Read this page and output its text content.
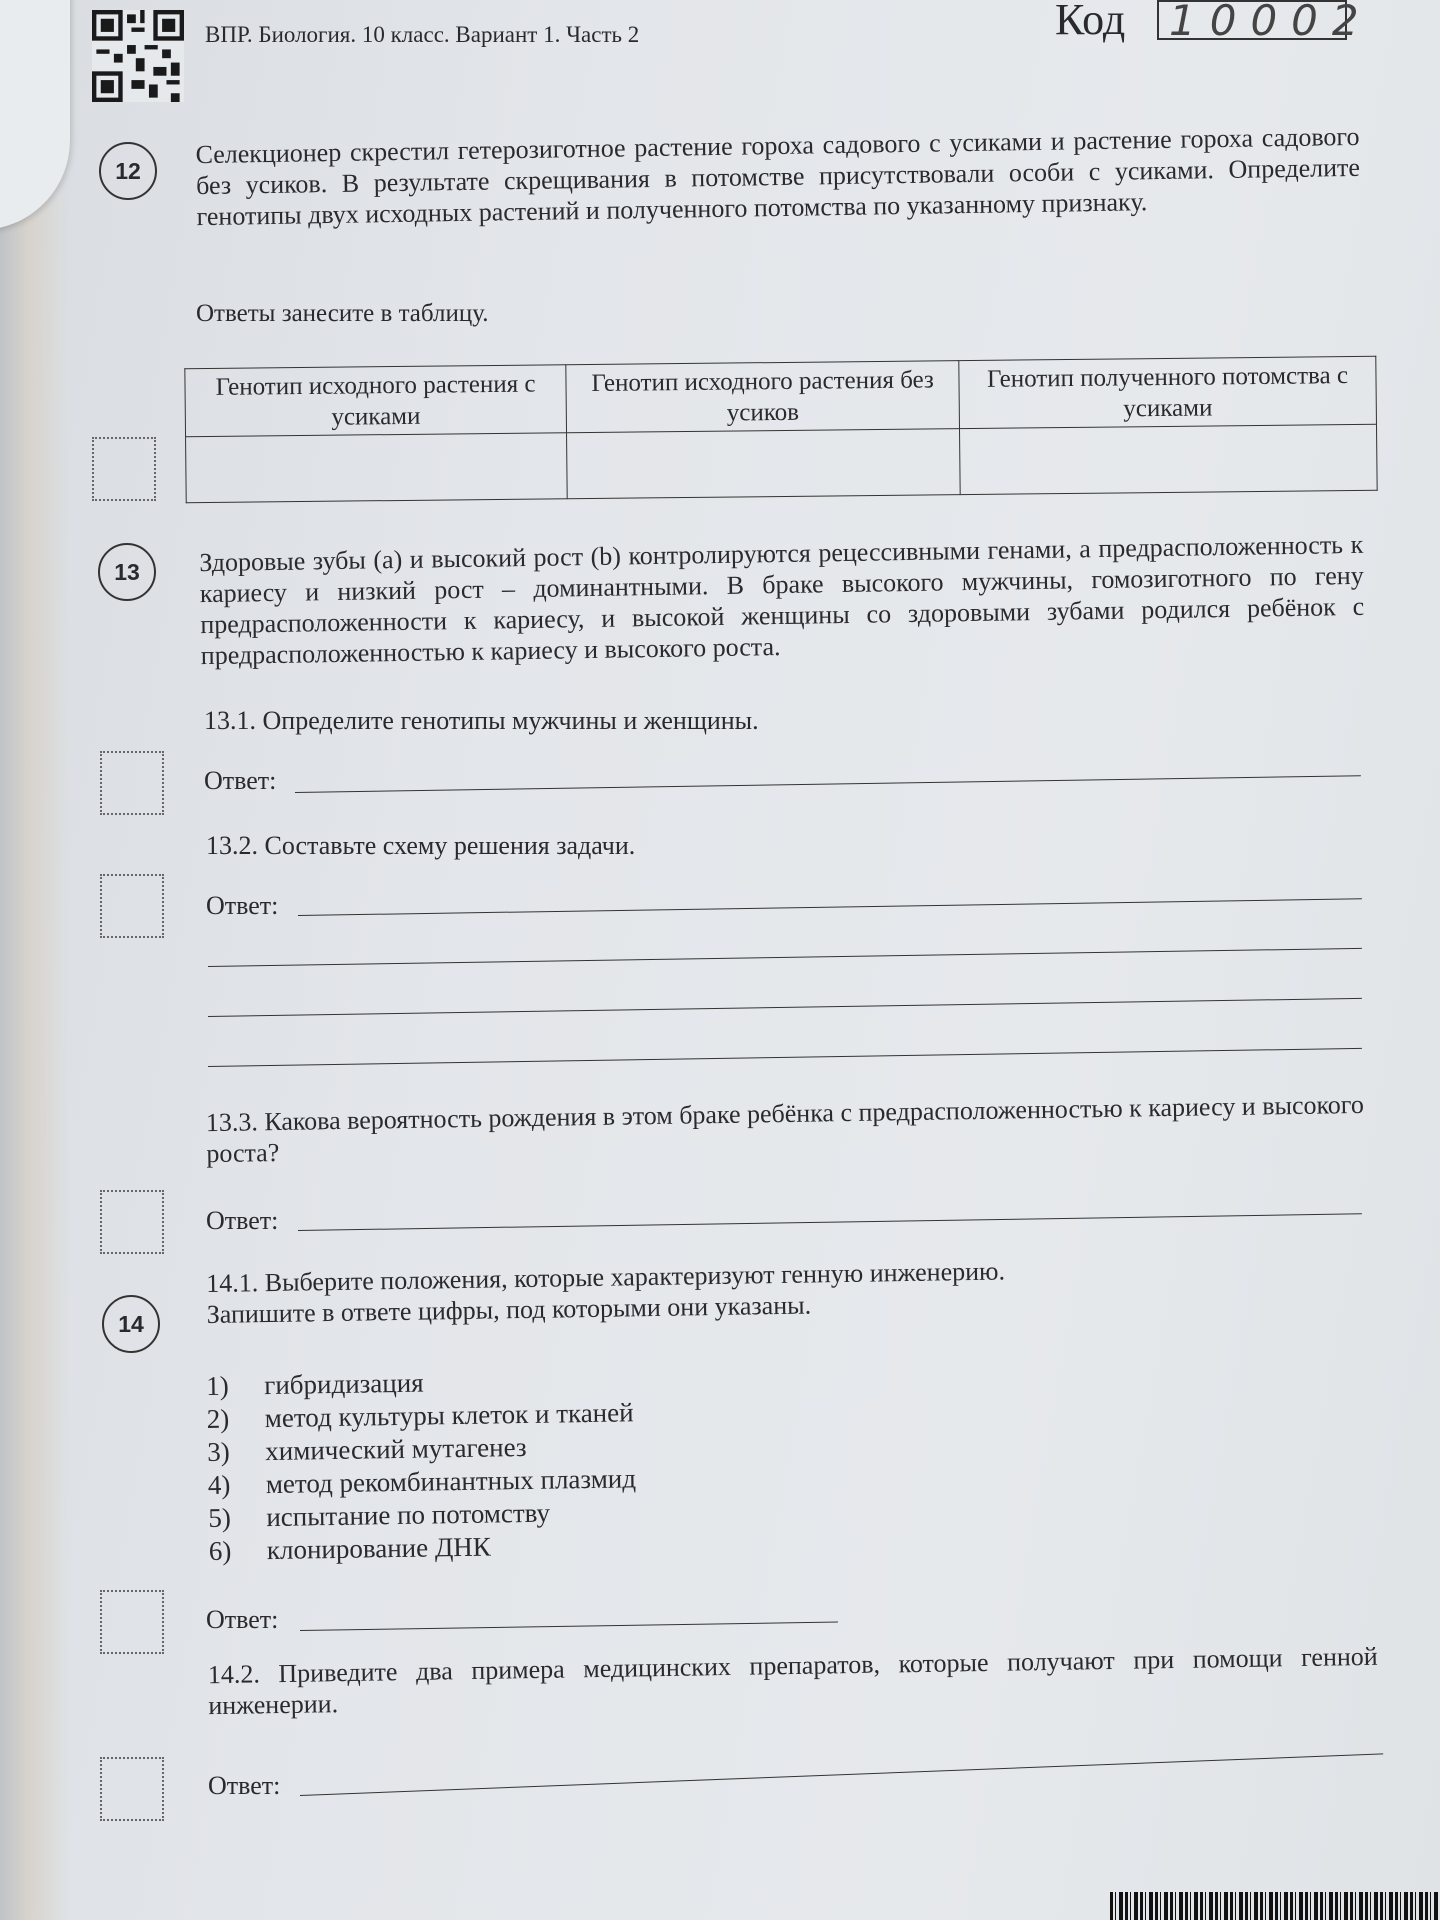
ВПР. Биология. 10 класс. Вариант 1. Часть 2	Код 10002
12
Селекционер скрестил гетерозиготное растение гороха садового с усиками и растение гороха садового без усиков. В результате скрещивания в потомстве присутствовали особи с усиками. Определите генотипы двух исходных растений и полученного потомства по указанному признаку.
Ответы занесите в таблицу.
Генотип исходного растения с усиками	Генотип исходного растения без усиков	Генотип полученного потомства с усиками

13	Здоровые зубы (a) и высокий рост (b) контролируются рецессивными генами, а предрасположенность к кариесу и низкий рост – доминантными. В браке высокого мужчины, гомозиготного по гену предрасположенности к кариесу, и высокой женщины со здоровыми зубами родился ребёнок с предрасположенностью к кариесу и высокого роста.
13.1. Определите генотипы мужчины и женщины.
Ответ:
13.2. Составьте схему решения задачи.
Ответ:
13.3. Какова вероятность рождения в этом браке ребёнка с предрасположенностью к кариесу и высокого роста?
Ответ:
14
14.1. Выберите положения, которые характеризуют генную инженерию.
Запишите в ответе цифры, под которыми они указаны.
1) гибридизация
2) метод культуры клеток и тканей
3) химический мутагенез
4) метод рекомбинантных плазмид
5) испытание по потомству
6) клонирование ДНК
Ответ:
14.2. Приведите два примера медицинских препаратов, которые получают при помощи генной инженерии.
Ответ:
